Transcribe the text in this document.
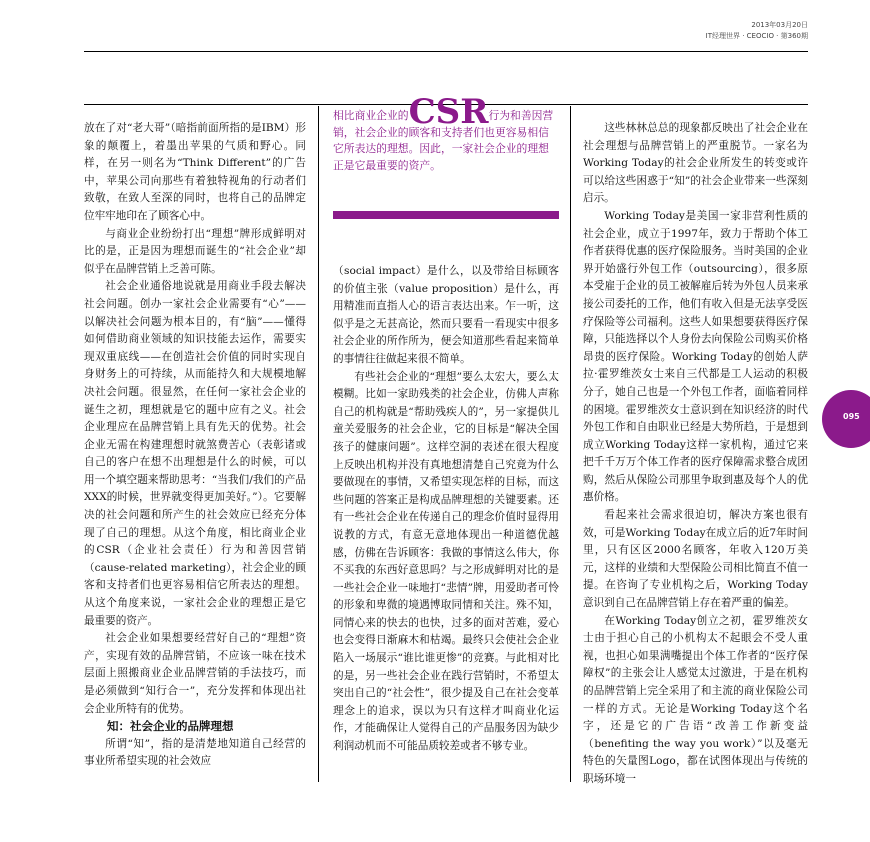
2013年03月20日
IT经理世界 · CEOCIO · 第360期

放在了对“老大哥”（暗指前面所指的是IBM）形象的颠覆上，着墨出苹果的气质和野心。同样，在另一则名为“Think Different”的广告中，苹果公司向那些有着独特视角的行动者们致敬，在致人至深的同时，也将自己的品牌定位牢牢地印在了顾客心中。

与商业企业纷纷打出“理想”牌形成鲜明对比的是，正是因为理想而诞生的“社会企业”却似乎在品牌营销上乏善可陈。

社会企业通俗地说就是用商业手段去解决社会问题。创办一家社会企业需要有“心”——以解决社会问题为根本目的，有“脑”——懂得如何借助商业领域的知识技能去运作，需要实现双重底线——在创造社会价值的同时实现自身财务上的可持续，从而能持久和大规模地解决社会问题。很显然，在任何一家社会企业的诞生之初，理想就是它的题中应有之义。社会企业理应在品牌营销上具有先天的优势。社会企业无需在构建理想时就煞费苦心（表彰诸或自己的客户在想不出理想是什么的时候，可以用一个填空题来帮助思考：“当我们/我们的产品XXX的时候，世界就变得更加美好。”）。它要解决的社会问题和所产生的社会效应已经充分体现了自己的理想。从这个角度，相比商业企业的CSR（企业社会责任）行为和善因营销（cause-related marketing），社会企业的顾客和支持者们也更容易相信它所表达的理想。从这个角度来说，一家社会企业的理想正是它最重要的资产。

社会企业如果想要经营好自己的“理想”资产，实现有效的品牌营销，不应该一味在技术层面上照搬商业企业品牌营销的手法技巧，而是必须做到“知行合一”，充分发挥和体现出社会企业所特有的优势。

知：社会企业的品牌理想

所谓“知”，指的是清楚地知道自己经营的事业所希望实现的社会效应

相比商业企业的CSR行为和善因营销，社会企业的顾客和支持者们也更容易相信它所表达的理想。因此，一家社会企业的理想正是它最重要的资产。

（social impact）是什么，以及带给目标顾客的价值主张（value proposition）是什么，再用精准而直指人心的语言表达出来。乍一听，这似乎是之无甚高论，然而只要看一看现实中很多社会企业的所作所为，便会知道那些看起来简单的事情往往做起来很不简单。

有些社会企业的“理想”要么太宏大，要么太模糊。比如一家助残类的社会企业，仿佛人声称自己的机构就是“帮助残疾人的”，另一家提供儿童关爱服务的社会企业，它的目标是“解决全国孩子的健康问题”。这样空洞的表述在很大程度上反映出机构并没有真地想清楚自己究竟为什么要做现在的事情，又希望实现怎样的目标，而这些问题的答案正是构成品牌理想的关键要素。还有一些社会企业在传递自己的理念价值时显得用说教的方式，有意无意地体现出一种道德优越感，仿佛在告诉顾客：我做的事情这么伟大，你不买我的东西好意思吗？与之形成鲜明对比的是一些社会企业一味地打“悲情”牌，用爱助者可怜的形象和卑微的境遇博取同情和关注。殊不知，同情心来的快去的也快，过多的面对苦难，爱心也会变得日渐麻木和枯竭。最终只会使社会企业陷入一场展示“谁比谁更惨”的竞赛。与此相对比的是，另一些社会企业在践行营销时，不希望太突出自己的“社会性”，很少提及自己在社会变革理念上的追求，误以为只有这样才叫商业化运作，才能确保让人觉得自己的产品服务因为缺少利润动机而不可能品质较差或者不够专业。

这些林林总总的现象都反映出了社会企业在社会理想与品牌营销上的严重脱节。一家名为Working Today的社会企业所发生的转变或许可以给这些困惑于“知”的社会企业带来一些深刻启示。

Working Today是美国一家非营利性质的社会企业，成立于1997年，致力于帮助个体工作者获得优惠的医疗保险服务。当时美国的企业界开始盛行外包工作（outsourcing），很多原本受雇于企业的员工被解雇后转为外包人员来承接公司委托的工作，他们有收入但是无法享受医疗保险等公司福利。这些人如果想要获得医疗保障，只能选择以个人身份去向保险公司购买价格昂贵的医疗保险。Working Today的创始人萨拉·霍罗维茨女士来自三代都是工人运动的积极分子，她自己也是一个外包工作者，面临着同样的困境。霍罗维茨女士意识到在知识经济的时代外包工作和自由职业已经是大势所趋，于是想到成立Working Today这样一家机构，通过它来把千千万万个体工作者的医疗保障需求整合成团购，然后从保险公司那里争取到惠及每个人的优惠价格。

看起来社会需求很迫切，解决方案也很有效，可是Working Today在成立后的近7年时间里，只有区区2000名顾客，年收入120万美元，这样的业绩和大型保险公司相比简直不值一提。在咨询了专业机构之后，Working Today意识到自己在品牌营销上存在着严重的偏差。

在Working Today创立之初，霍罗维茨女士由于担心自己的小机构太不起眼会不受人重视，也担心如果满嘴提出个体工作者的“医疗保障权”的主张会让人感觉太过激进，于是在机构的品牌营销上完全采用了和主流的商业保险公司一样的方式。无论是Working Today这个名字，还是它的广告语“改善工作新变益（benefiting the way you work）”以及毫无特色的矢量图Logo，都在试图体现出与传统的职场环境一

095
